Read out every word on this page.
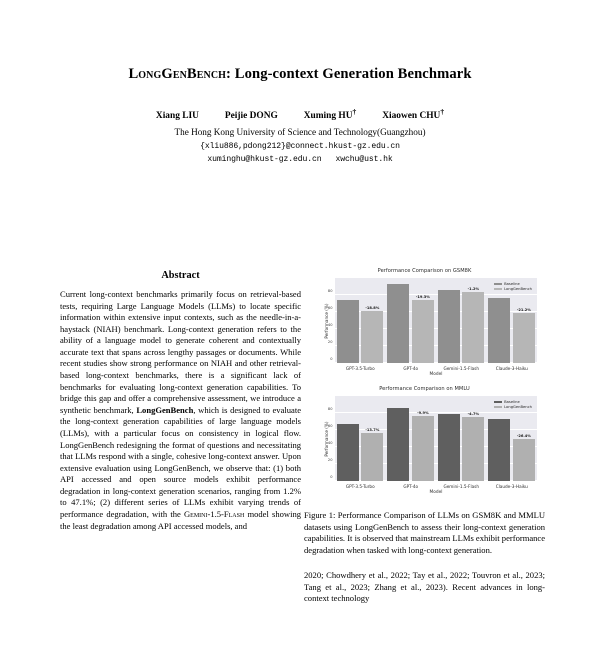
LongGenBench: Long-context Generation Benchmark
Xiang LIU	Peijie DONG	Xuming HU†	Xiaowen CHU†
The Hong Kong University of Science and Technology(Guangzhou)
{xliu886,pdong212}@connect.hkust-gz.edu.cn
xuminghu@hkust-gz.edu.cn xwchu@ust.hk
Abstract

Current long-context benchmarks primarily focus on retrieval-based tests, requiring Large Language Models (LLMs) to locate specific information within extensive input contexts, such as the needle-in-a-haystack (NIAH) benchmark. Long-context generation refers to the ability of a language model to generate coherent and contextually accurate text that spans across lengthy passages or documents. While recent studies show strong performance on NIAH and other retrieval-based long-context benchmarks, there is a significant lack of benchmarks for evaluating long-context generation capabilities. To bridge this gap and offer a comprehensive assessment, we introduce a synthetic benchmark, LongGenBench, which is designed to evaluate the long-context generation capabilities of large language models (LLMs), with a particular focus on consistency in logical flow. LongGenBench redesigning the format of questions and necessitating that LLMs respond with a single, cohesive long-context answer. Upon extensive evaluation using LongGenBench, we observe that: (1) both API accessed and open source models exhibit performance degradation in long-context generation scenarios, ranging from 1.2% to 47.1%; (2) different series of LLMs exhibit varying trends of performance degradation, with the Gemini-1.5-Flash model showing the least degradation among API accessed models, and

Performance Comparison on GSM8K
Performance (%)
Model
Baseline
LongGenBench
0
20
40
60
80
-18.8%
GPT-3.5-Turbo
-19.3%
GPT-4o
-1.2%
Gemini-1.5-Flash
-21.2%
Claude-3-Haiku
Performance Comparison on MMLU
Performance (%)
Model
Baseline
LongGenBench
0
20
40
60
80
-13.7%
GPT-3.5-Turbo
-9.9%
GPT-4o
-4.7%
Gemini-1.5-Flash
-26.4%
Claude-3-Haiku
Figure 1: Performance Comparison of LLMs on GSM8K and MMLU datasets using LongGenBench to assess their long-context generation capabilities. It is observed that mainstream LLMs exhibit performance degradation when tasked with long-context generation.

2020; Chowdhery et al., 2022; Tay et al., 2022; Touvron et al., 2023; Tang et al., 2023; Zhang et al., 2023). Recent advances in long-context technology
